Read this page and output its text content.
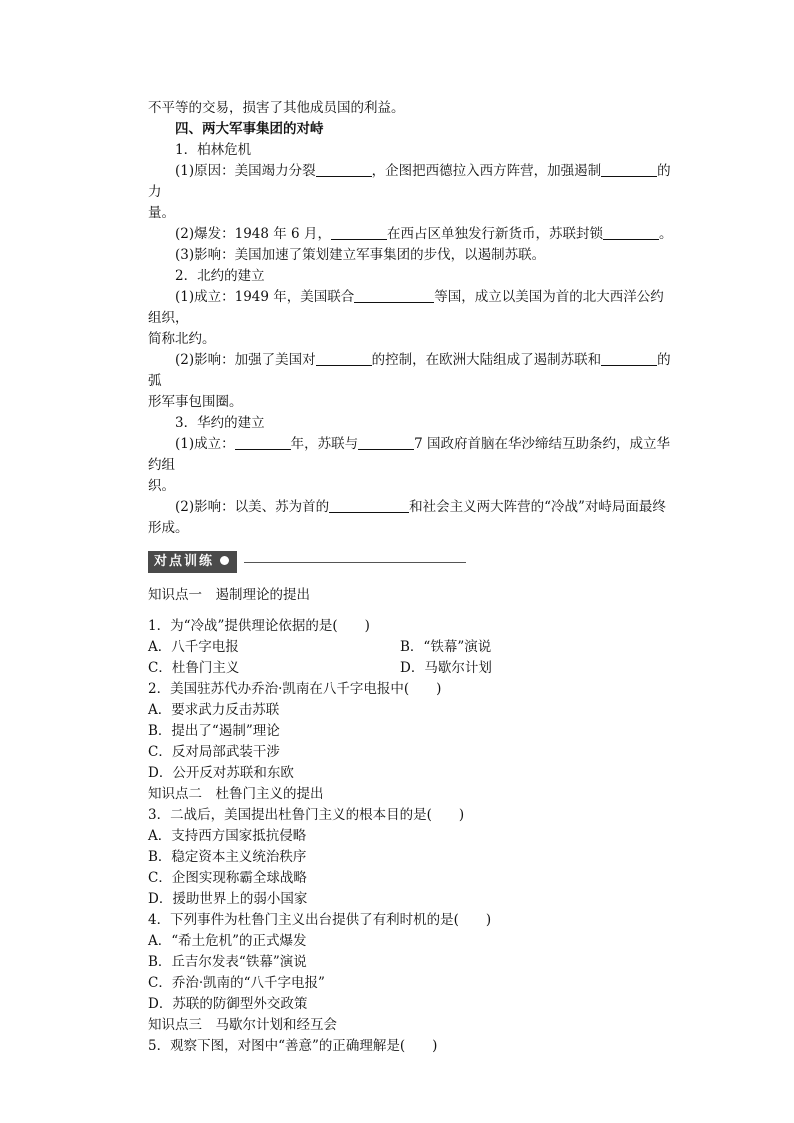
不平等的交易，损害了其他成员国的利益。

四、两大军事集团的对峙

1．柏林危机

(1)原因：美国竭力分裂	，企图把西德拉入西方阵营，加强遏制	的力

量。

(2)爆发：1948 年 6 月，	在西占区单独发行新货币，苏联封锁	。

(3)影响：美国加速了策划建立军事集团的步伐，以遏制苏联。

2．北约的建立

(1)成立：1949 年，美国联合	等国，成立以美国为首的北大西洋公约组织，

简称北约。

(2)影响：加强了美国对	的控制，在欧洲大陆组成了遏制苏联和	的弧

形军事包围圈。

3．华约的建立

(1)成立：	年，苏联与	7 国政府首脑在华沙缔结互助条约，成立华约组

织。

(2)影响：以美、苏为首的	和社会主义两大阵营的“冷战”对峙局面最终

形成。

对点训练

知识点一　遏制理论的提出

1．为“冷战”提供理论依据的是(　　)

A．八千字电报	B．“铁幕”演说
C．杜鲁门主义	D．马歇尔计划

2．美国驻苏代办乔治·凯南在八千字电报中(　　)

A．要求武力反击苏联

B．提出了“遏制”理论

C．反对局部武装干涉

D．公开反对苏联和东欧

知识点二　杜鲁门主义的提出

3．二战后，美国提出杜鲁门主义的根本目的是(　　)

A．支持西方国家抵抗侵略

B．稳定资本主义统治秩序

C．企图实现称霸全球战略

D．援助世界上的弱小国家

4．下列事件为杜鲁门主义出台提供了有利时机的是(　　)

A．“希土危机”的正式爆发

B．丘吉尔发表“铁幕”演说

C．乔治·凯南的“八千字电报”

D．苏联的防御型外交政策

知识点三　马歇尔计划和经互会

5．观察下图，对图中“善意”的正确理解是(　　)
